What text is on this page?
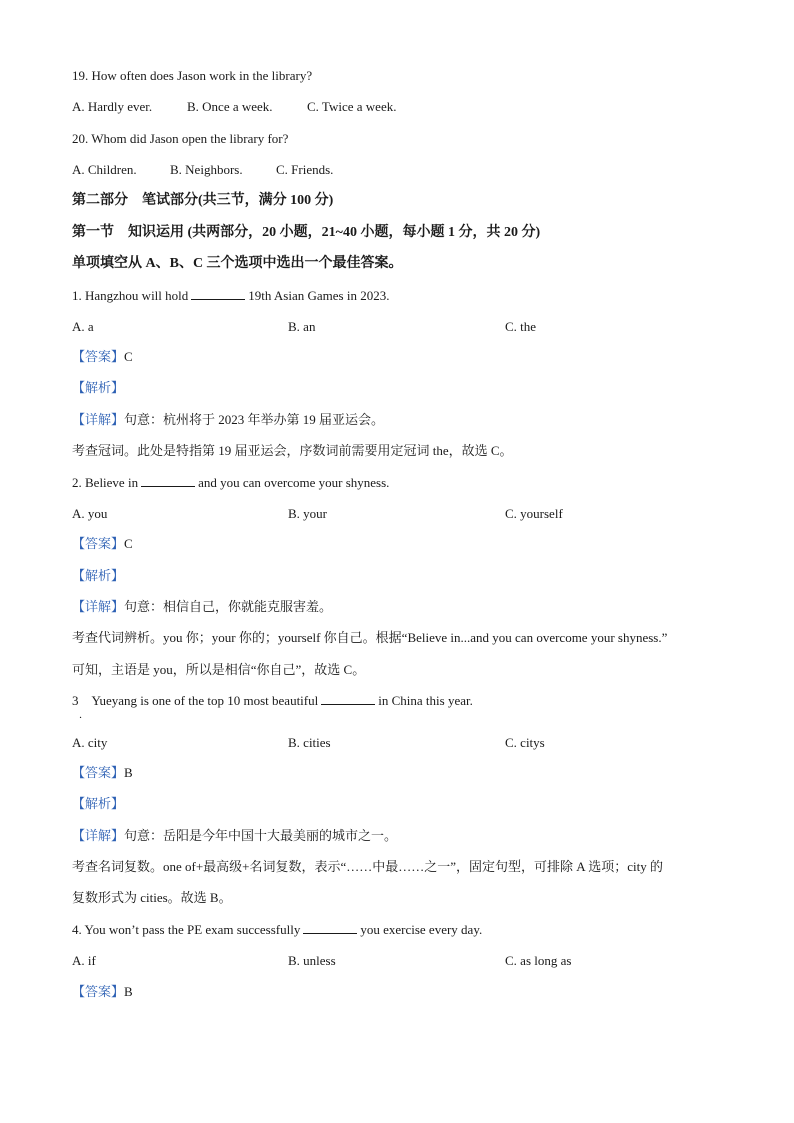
19. How often does Jason work in the library?
A. Hardly ever.	B. Once a week.	C. Twice a week.
20. Whom did Jason open the library for?
A. Children.	B. Neighbors.	C. Friends.
第二部分　笔试部分(共三节，满分 100 分)
第一节　知识运用 (共两部分，20 小题，21~40 小题，每小题 1 分，共 20 分)
单项填空从 A、B、C 三个选项中选出一个最佳答案。
1. Hangzhou will hold	19th Asian Games in 2023.
A. a	B. an	C. the
【答案】C
【解析】
【详解】句意：杭州将于 2023 年举办第 19 届亚运会。
考查冠词。此处是特指第 19 届亚运会，序数词前需要用定冠词 the，故选 C。
2. Believe in	and you can overcome your shyness.
A. you	B. your	C. yourself
【答案】C
【解析】
【详解】句意：相信自己，你就能克服害羞。
考查代词辨析。you 你；your 你的；yourself 你自己。根据“Believe in...and you can overcome your shyness.”
可知，主语是 you，所以是相信“你自己”，故选 C。
3　Yueyang is one of the top 10 most beautiful	in China this year.
．
A. city	B. cities	C. citys
【答案】B
【解析】
【详解】句意：岳阳是今年中国十大最美丽的城市之一。
考查名词复数。one of+最高级+名词复数，表示“……中最……之一”，固定句型，可排除 A 选项；city 的
复数形式为 cities。故选 B。
4. You won’t pass the PE exam successfully	you exercise every day.
A. if	B. unless	C. as long as
【答案】B
